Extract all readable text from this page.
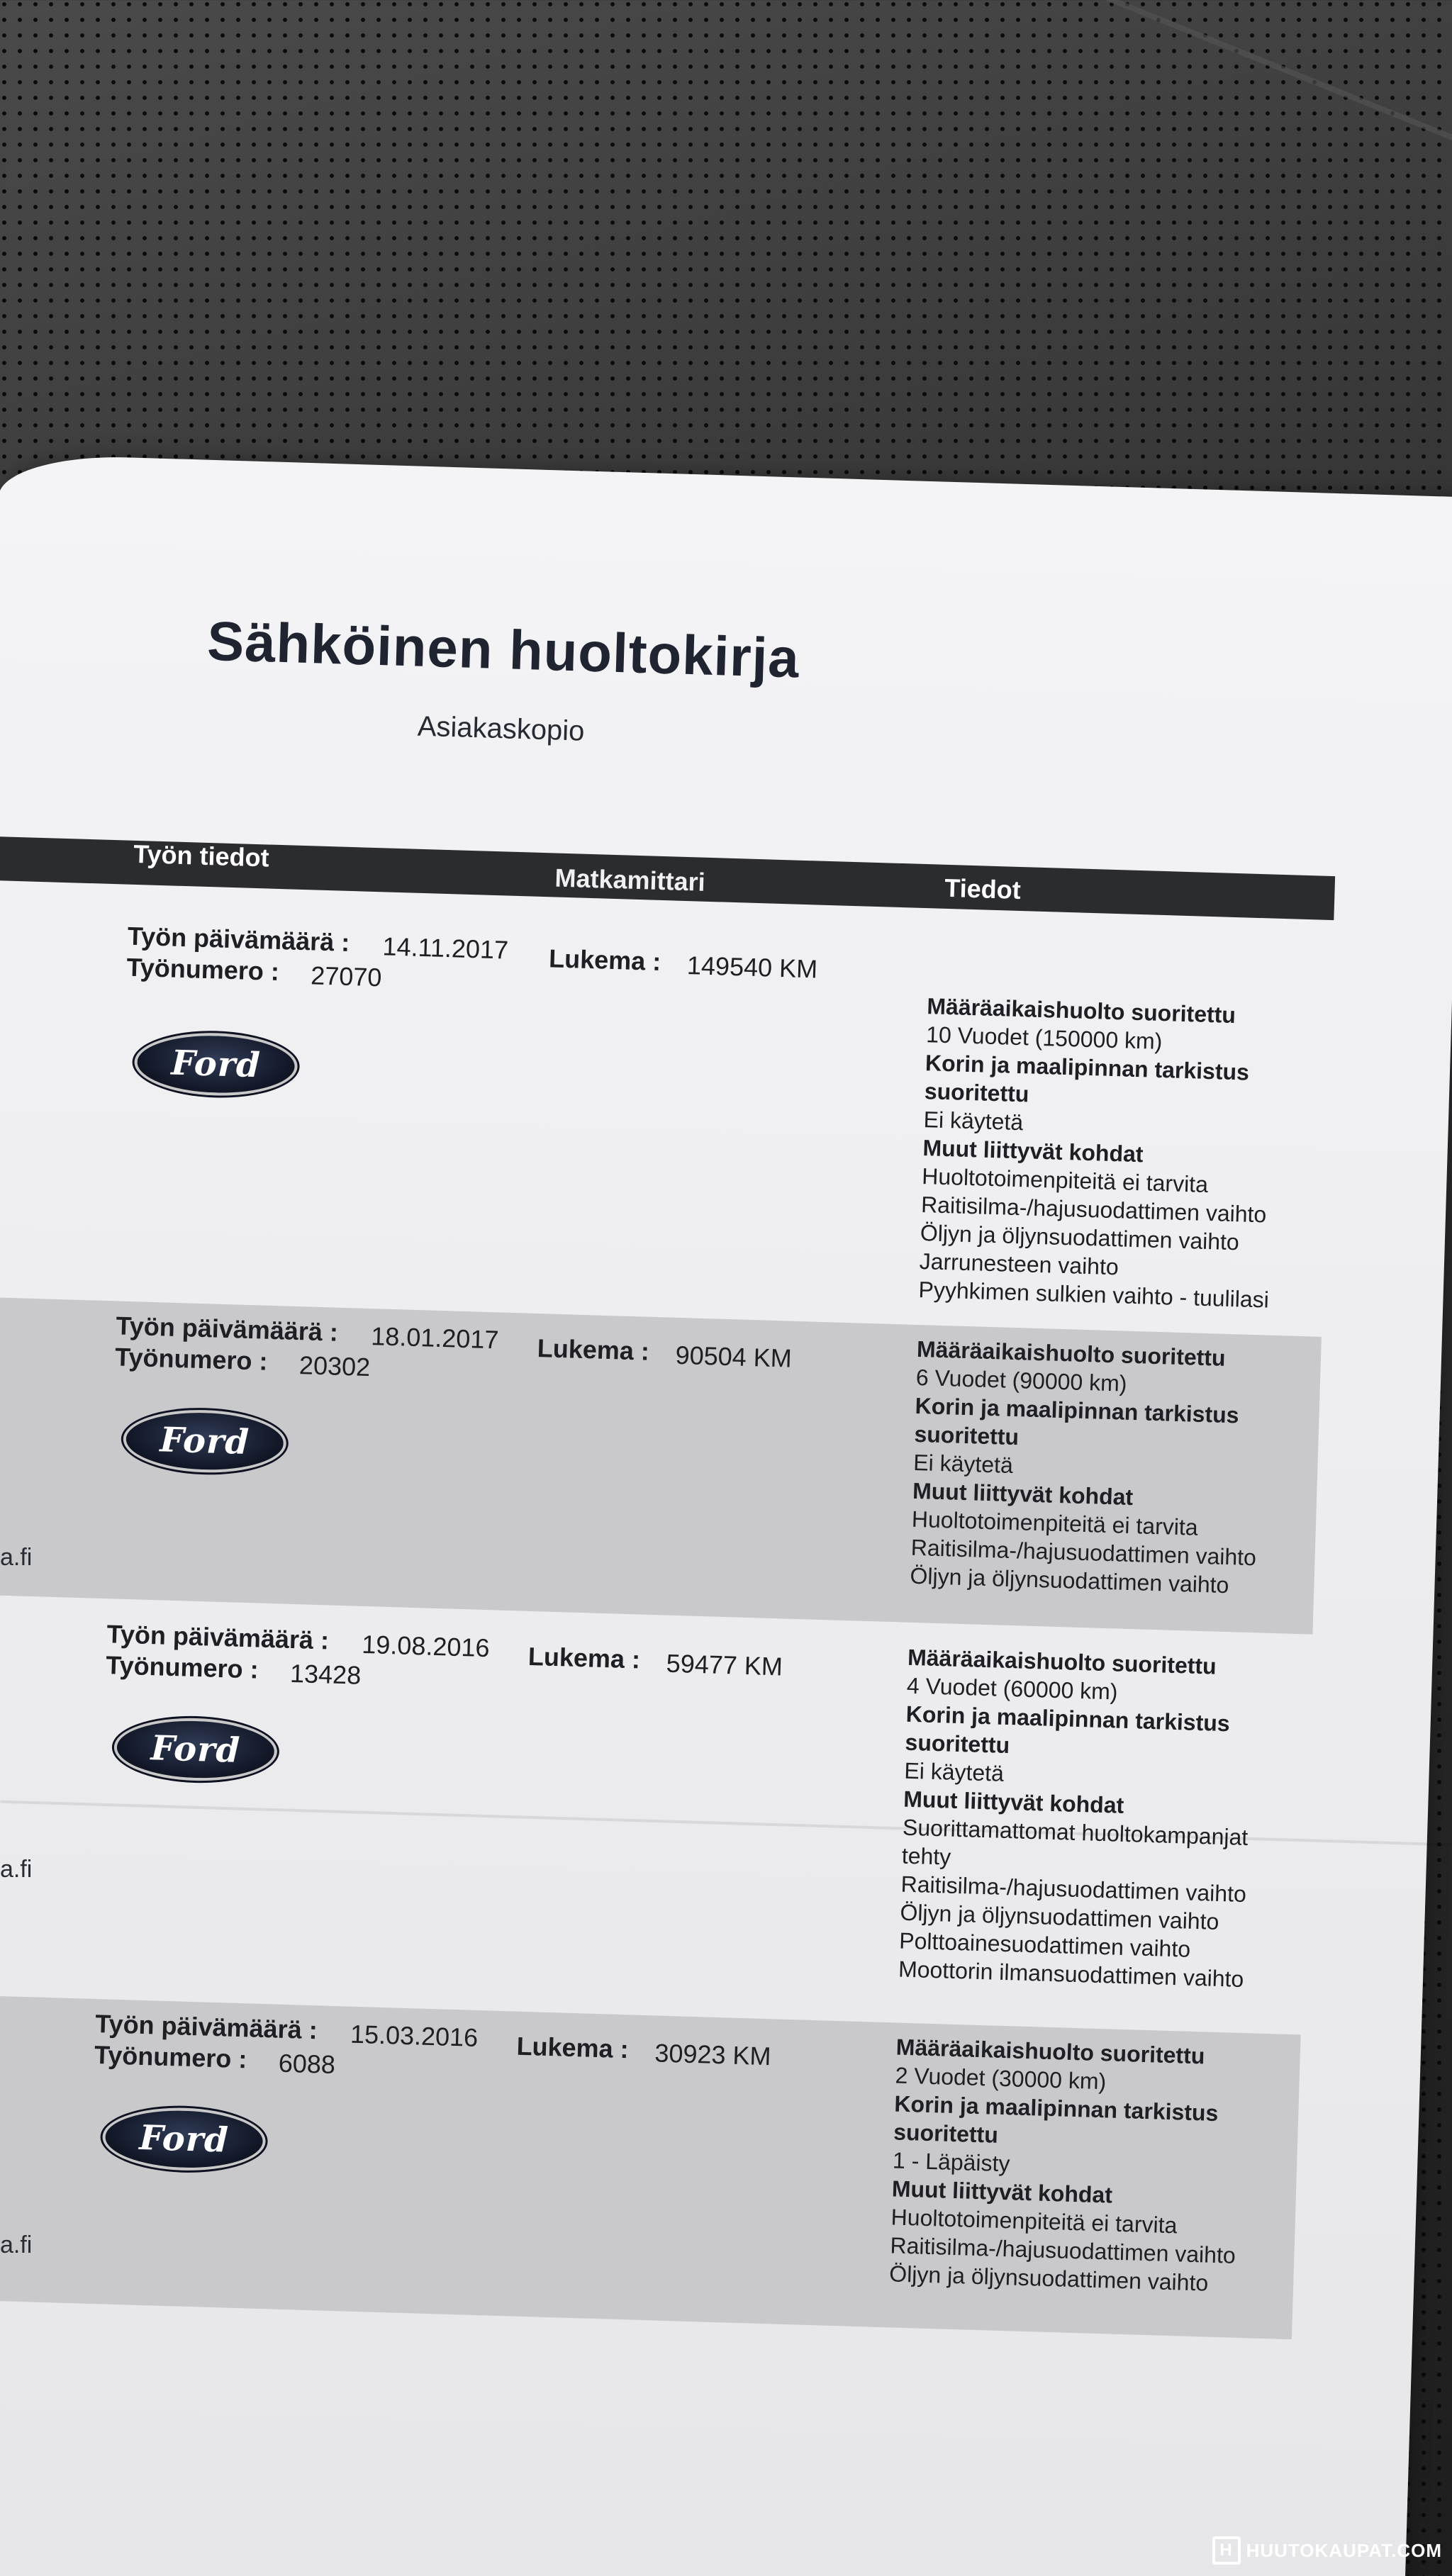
Sähköinen huoltokirja
Asiakaskopio
Työn tiedot
Matkamittari	Tiedot
Työn päivämäärä : 14.11.2017
Työnumero : 27070
Lukema : 149540 KM
Ford
Määräaikaishuolto suoritettu
10 Vuodet (150000 km)
Korin ja maalipinnan tarkistus
suoritettu
Ei käytetä
Muut liittyvät kohdat
Huoltotoimenpiteitä ei tarvita
Raitisilma-/hajusuodattimen vaihto
Öljyn ja öljynsuodattimen vaihto
Jarrunesteen vaihto
Pyyhkimen sulkien vaihto - tuulilasi
Työn päivämäärä : 18.01.2017
Työnumero : 20302
Lukema : 90504 KM
Ford
Määräaikaishuolto suoritettu
6 Vuodet (90000 km)
Korin ja maalipinnan tarkistus
suoritettu
Ei käytetä
Muut liittyvät kohdat
Huoltotoimenpiteitä ei tarvita
Raitisilma-/hajusuodattimen vaihto
Öljyn ja öljynsuodattimen vaihto
Työn päivämäärä : 19.08.2016
Työnumero : 13428
Lukema : 59477 KM
Ford
Määräaikaishuolto suoritettu
4 Vuodet (60000 km)
Korin ja maalipinnan tarkistus
suoritettu
Ei käytetä
Muut liittyvät kohdat
Suorittamattomat huoltokampanjat
tehty
Raitisilma-/hajusuodattimen vaihto
Öljyn ja öljynsuodattimen vaihto
Polttoainesuodattimen vaihto
Moottorin ilmansuodattimen vaihto
Työn päivämäärä : 15.03.2016
Työnumero : 6088
Lukema : 30923 KM
Ford
Määräaikaishuolto suoritettu
2 Vuodet (30000 km)
Korin ja maalipinnan tarkistus
suoritettu
1 - Läpäisty
Muut liittyvät kohdat
Huoltotoimenpiteitä ei tarvita
Raitisilma-/hajusuodattimen vaihto
Öljyn ja öljynsuodattimen vaihto
a.fi
a.fi
a.fi
H HUUTOKAUPAT.COM
